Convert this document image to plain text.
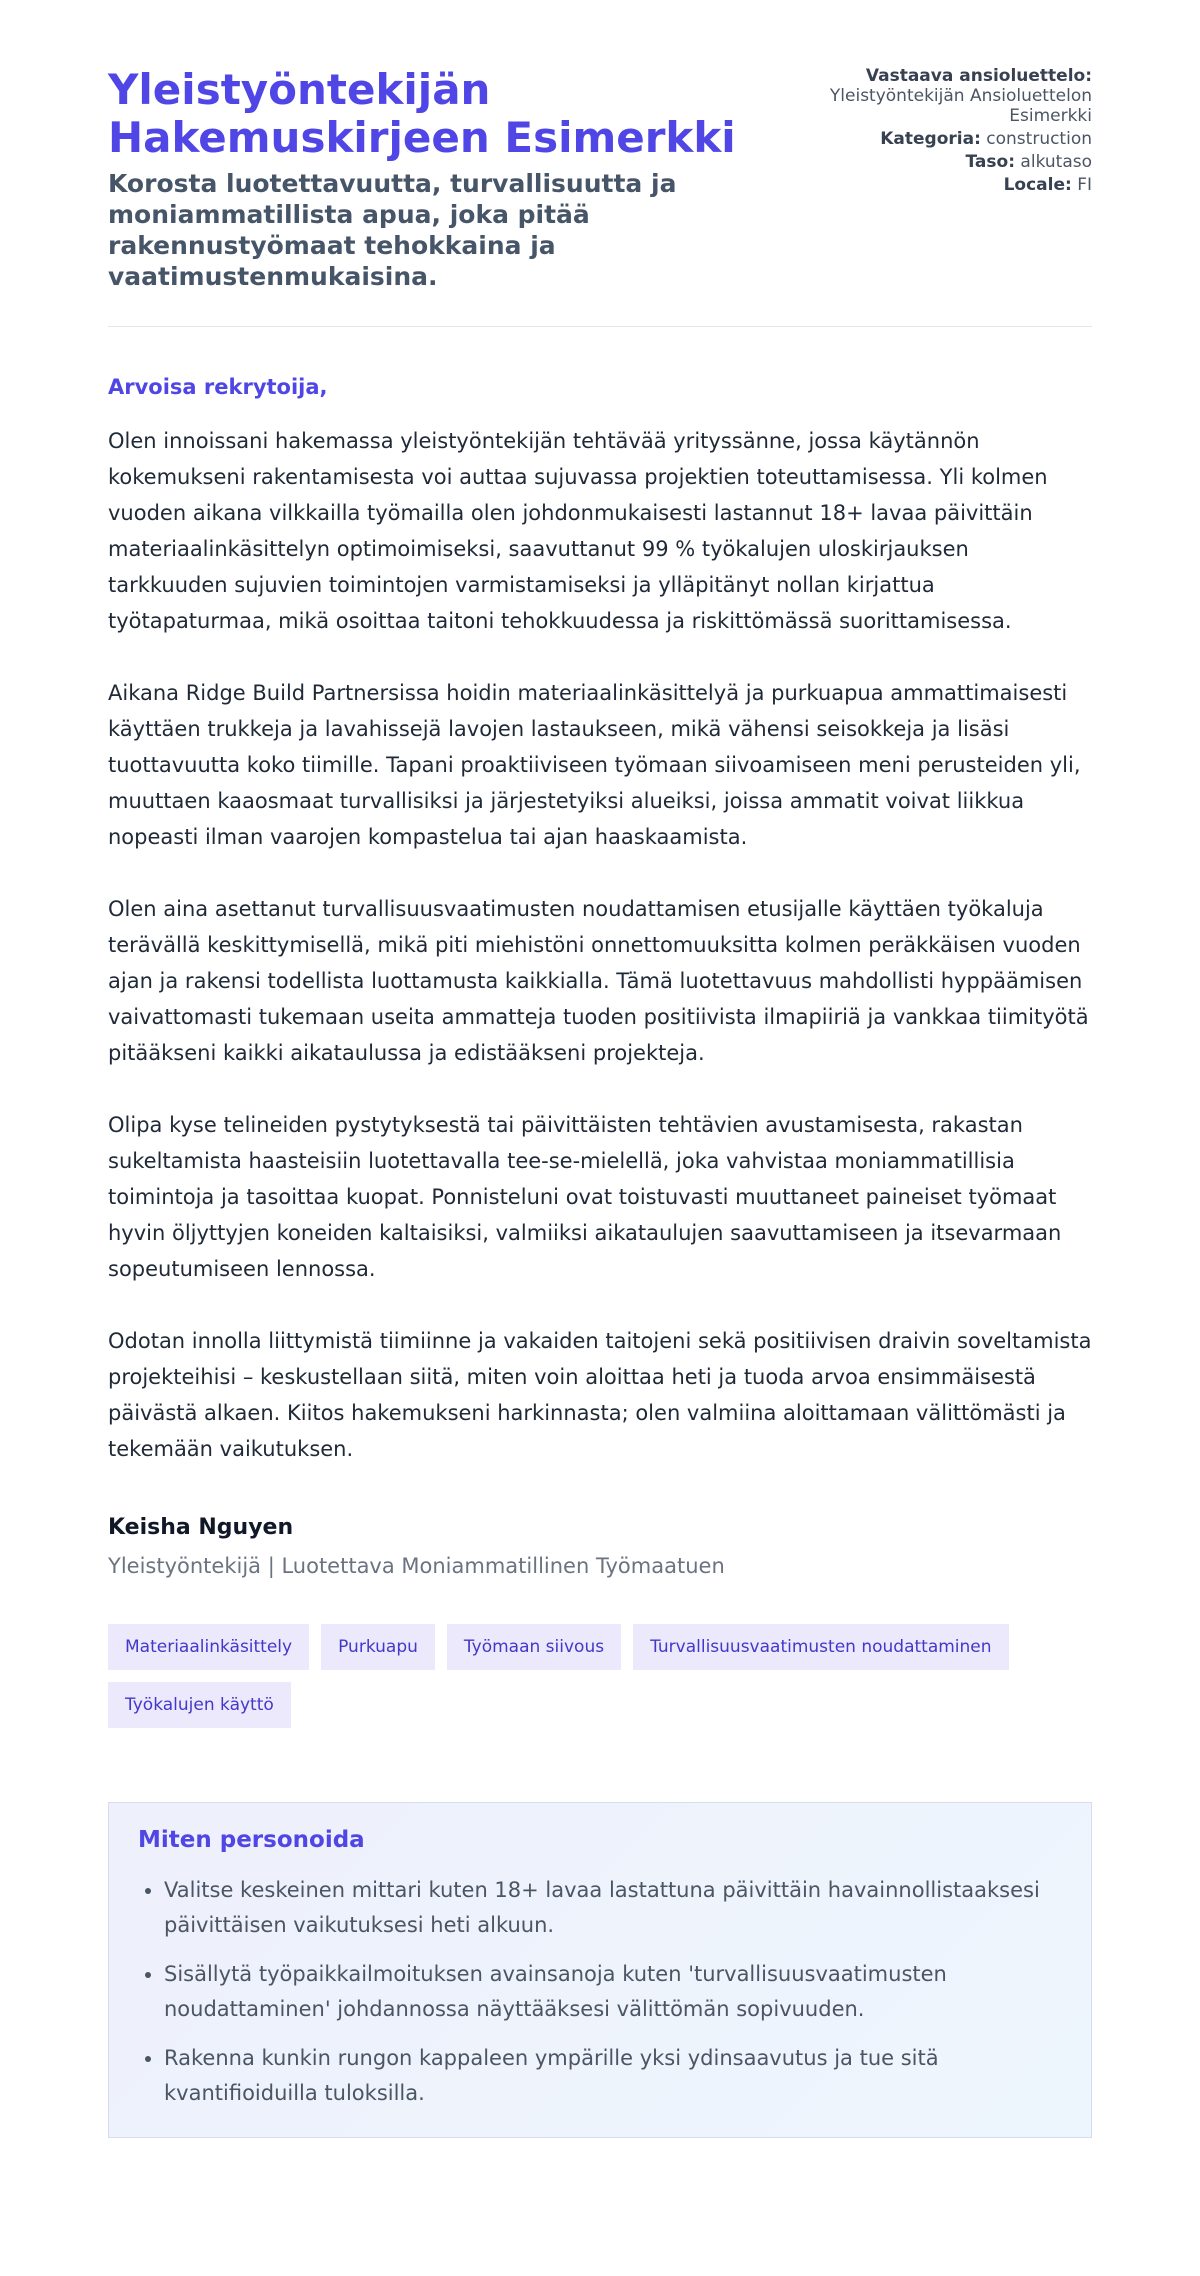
Yleistyöntekijän Hakemuskirjeen Esimerkki

Korosta luotettavuutta, turvallisuutta ja moniammatillista apua, joka pitää rakennustyömaat tehokkaina ja vaatimustenmukaisina.

Vastaava ansioluettelo:
Yleistyöntekijän Ansioluettelon Esimerkki
Kategoria: construction
Taso: alkutaso
Locale: FI
Arvoisa rekrytoija,

Olen innoissani hakemassa yleistyöntekijän tehtävää yrityssänne, jossa käytännön kokemukseni rakentamisesta voi auttaa sujuvassa projektien toteuttamisessa. Yli kolmen vuoden aikana vilkkailla työmailla olen johdonmukaisesti lastannut 18+ lavaa päivittäin materiaalinkäsittelyn optimoimiseksi, saavuttanut 99 % työkalujen uloskirjauksen tarkkuuden sujuvien toimintojen varmistamiseksi ja ylläpitänyt nollan kirjattua työtapaturmaa, mikä osoittaa taitoni tehokkuudessa ja riskittömässä suorittamisessa.

Aikana Ridge Build Partnersissa hoidin materiaalinkäsittelyä ja purkuapua ammattimaisesti käyttäen trukkeja ja lavahissejä lavojen lastaukseen, mikä vähensi seisokkeja ja lisäsi tuottavuutta koko tiimille. Tapani proaktiiviseen työmaan siivoamiseen meni perusteiden yli, muuttaen kaaosmaat turvallisiksi ja järjestetyiksi alueiksi, joissa ammatit voivat liikkua nopeasti ilman vaarojen kompastelua tai ajan haaskaamista.

Olen aina asettanut turvallisuusvaatimusten noudattamisen etusijalle käyttäen työkaluja terävällä keskittymisellä, mikä piti miehistöni onnettomuuksitta kolmen peräkkäisen vuoden ajan ja rakensi todellista luottamusta kaikkialla. Tämä luotettavuus mahdollisti hyppäämisen vaivattomasti tukemaan useita ammatteja tuoden positiivista ilmapiiriä ja vankkaa tiimityötä pitääkseni kaikki aikataulussa ja edistääkseni projekteja.

Olipa kyse telineiden pystytyksestä tai päivittäisten tehtävien avustamisesta, rakastan sukeltamista haasteisiin luotettavalla tee-se-mielellä, joka vahvistaa moniammatillisia toimintoja ja tasoittaa kuopat. Ponnisteluni ovat toistuvasti muuttaneet paineiset työmaat hyvin öljyttyjen koneiden kaltaisiksi, valmiiksi aikataulujen saavuttamiseen ja itsevarmaan sopeutumiseen lennossa.

Odotan innolla liittymistä tiimiinne ja vakaiden taitojeni sekä positiivisen draivin soveltamista projekteihisi – keskustellaan siitä, miten voin aloittaa heti ja tuoda arvoa ensimmäisestä päivästä alkaen. Kiitos hakemukseni harkinnasta; olen valmiina aloittamaan välittömästi ja tekemään vaikutuksen.

Keisha Nguyen
Yleistyöntekijä | Luotettava Moniammatillinen Työmaatuen
Materiaalinkäsittely	Purkuapu	Työmaan siivous	Turvallisuusvaatimusten noudattaminen
Työkalujen käyttö
Miten personoida
• Valitse keskeinen mittari kuten 18+ lavaa lastattuna päivittäin havainnollistaaksesi päivittäisen vaikutuksesi heti alkuun.
• Sisällytä työpaikkailmoituksen avainsanoja kuten 'turvallisuusvaatimusten noudattaminen' johdannossa näyttääksesi välittömän sopivuuden.
• Rakenna kunkin rungon kappaleen ympärille yksi ydinsaavutus ja tue sitä kvantifioiduilla tuloksilla.
